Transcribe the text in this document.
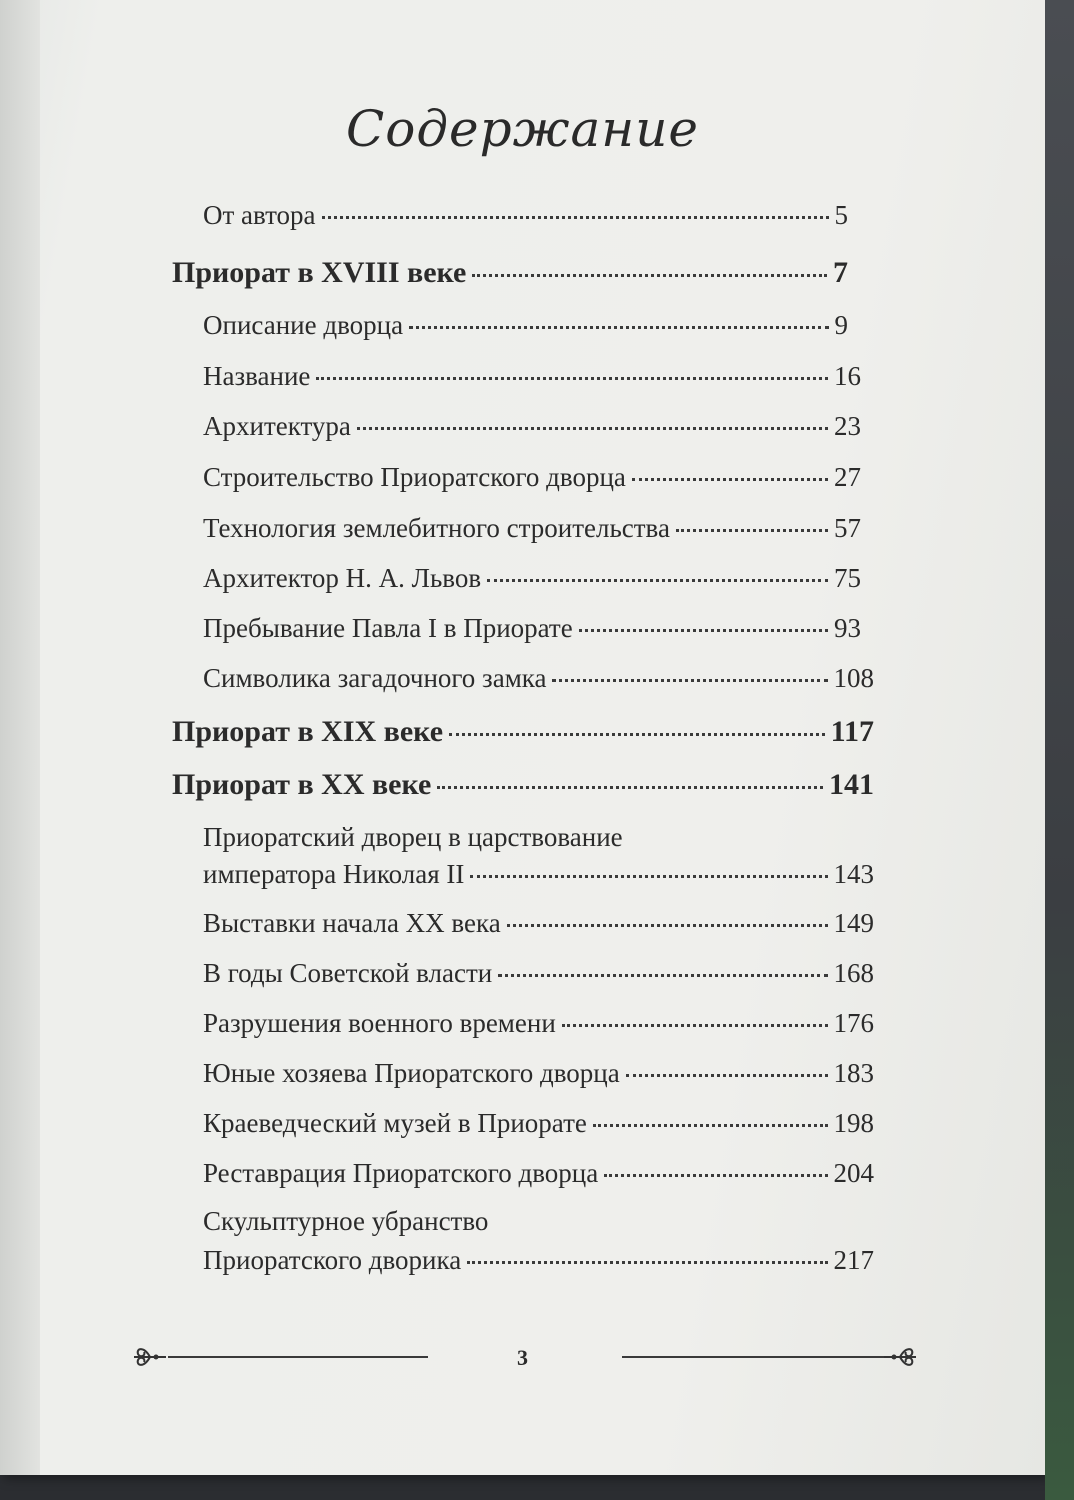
Содержание
От автора	5
Приорат в XVIII веке	7
Описание дворца	9
Название	16
Архитектура	23
Строительство Приоратского дворца	27
Технология землебитного строительства	57
Архитектор Н. А. Львов	75
Пребывание Павла I в Приорате	93
Символика загадочного замка	108
Приорат в XIX веке	117
Приорат в XX веке	141
Приоратский дворец в царствование
императора Николая II	143
Выставки начала XX века	149
В годы Советской власти	168
Разрушения военного времени	176
Юные хозяева Приоратского дворца	183
Краеведческий музей в Приорате	198
Реставрация Приоратского дворца	204
Скульптурное убранство
Приоратского дворика	217
3
